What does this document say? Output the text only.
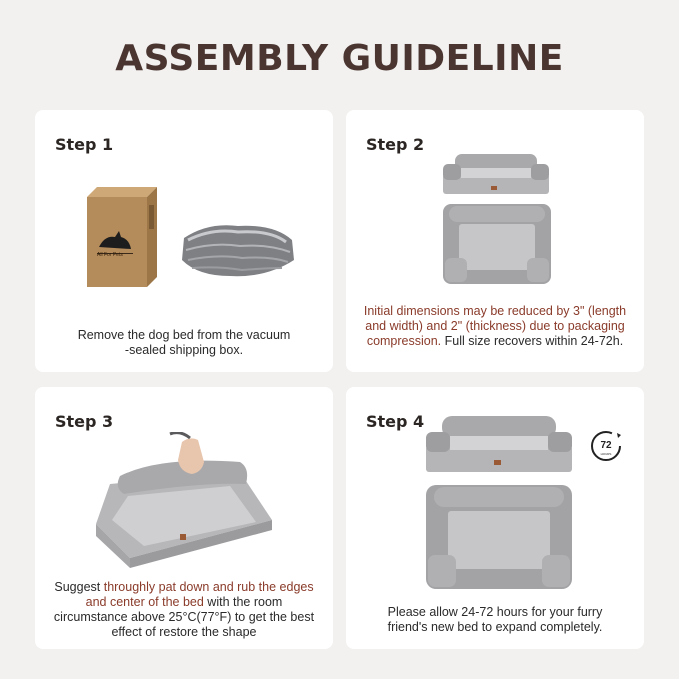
ASSEMBLY GUIDELINE
Step 1
All For Pets
Remove the dog bed from the vacuum
-sealed shipping box.
Step 2
Initial dimensions may be reduced by 3" (length and width) and 2" (thickness) due to packaging compression. Full size recovers within 24-72h.
Step 3
Suggest throughly pat down and rub the edges and center of the bed with the room circumstance above 25°C(77°F) to get the best effect of restore the shape
Step 4
72
HOURS
Please allow 24-72 hours for your furry
friend's new bed to expand completely.
